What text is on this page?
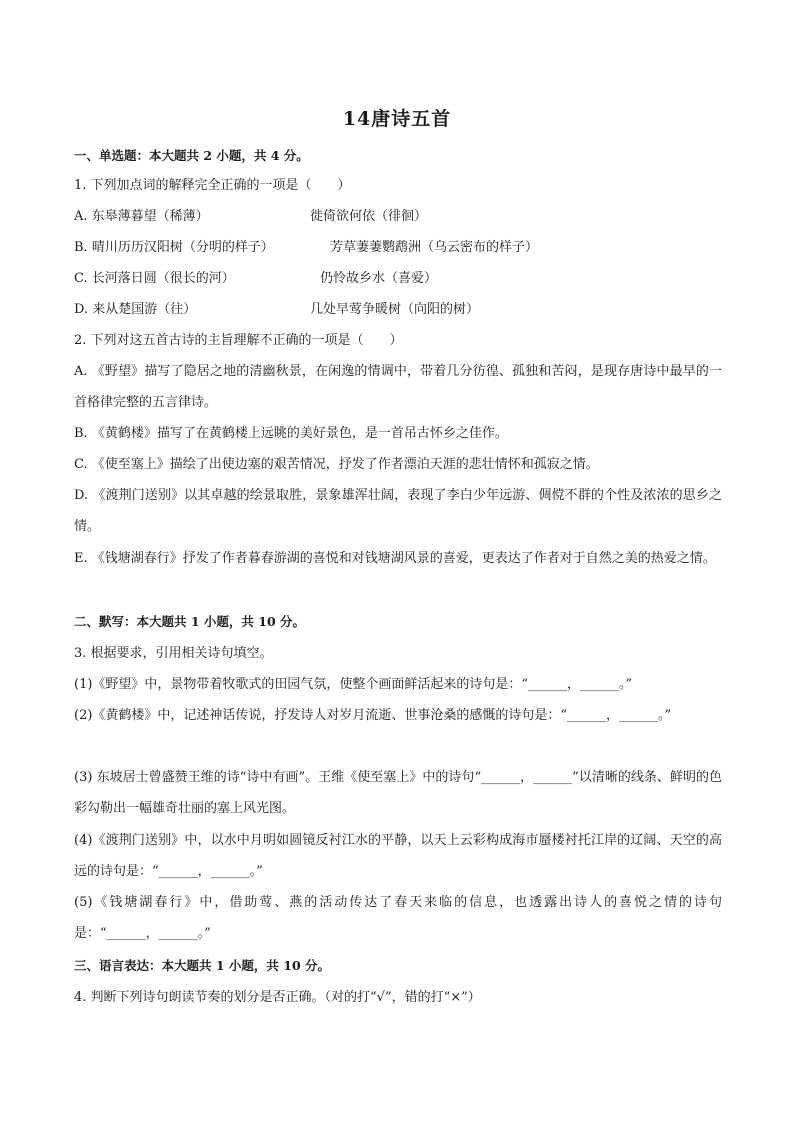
14唐诗五首
一、单选题：本大题共 2 小题，共 4 分。
1. 下列加点词的解释完全正确的一项是（　　）
A. 东皋薄暮望（稀薄）	徙倚欲何依（徘徊）
B. 晴川历历汉阳树（分明的样子）	芳草萋萋鹦鹉洲（乌云密布的样子）
C. 长河落日圆（很长的河）	仍怜故乡水（喜爱）
D. 来从楚国游（往）	几处早莺争暖树（向阳的树）
2. 下列对这五首古诗的主旨理解不正确的一项是（　　）
A. 《野望》描写了隐居之地的清幽秋景，在闲逸的情调中，带着几分彷徨、孤独和苦闷，是现存唐诗中最早的一首格律完整的五言律诗。
B. 《黄鹤楼》描写了在黄鹤楼上远眺的美好景色，是一首吊古怀乡之佳作。
C. 《使至塞上》描绘了出使边塞的艰苦情况，抒发了作者漂泊天涯的悲壮情怀和孤寂之情。
D. 《渡荆门送别》以其卓越的绘景取胜，景象雄浑壮阔，表现了李白少年远游、倜傥不群的个性及浓浓的思乡之情。
E. 《钱塘湖春行》抒发了作者暮春游湖的喜悦和对钱塘湖风景的喜爱，更表达了作者对于自然之美的热爱之情。
二、默写：本大题共 1 小题，共 10 分。
3. 根据要求，引用相关诗句填空。
(1)《野望》中，景物带着牧歌式的田园气氛，使整个画面鲜活起来的诗句是：“______，______。”
(2)《黄鹤楼》中，记述神话传说，抒发诗人对岁月流逝、世事沧桑的感慨的诗句是：“______，______。”
(3) 东坡居士曾盛赞王维的诗“诗中有画”。王维《使至塞上》中的诗句“______，______”以清晰的线条、鲜明的色彩勾勒出一幅雄奇壮丽的塞上风光图。
(4)《渡荆门送别》中，以水中月明如圆镜反衬江水的平静，以天上云彩构成海市蜃楼衬托江岸的辽阔、天空的高远的诗句是：“______，______。”
(5)《钱塘湖春行》中，借助莺、燕的活动传达了春天来临的信息，也透露出诗人的喜悦之情的诗句是：“______，______。”
三、语言表达：本大题共 1 小题，共 10 分。
4. 判断下列诗句朗读节奏的划分是否正确。（对的打“√”，错的打“×”）
